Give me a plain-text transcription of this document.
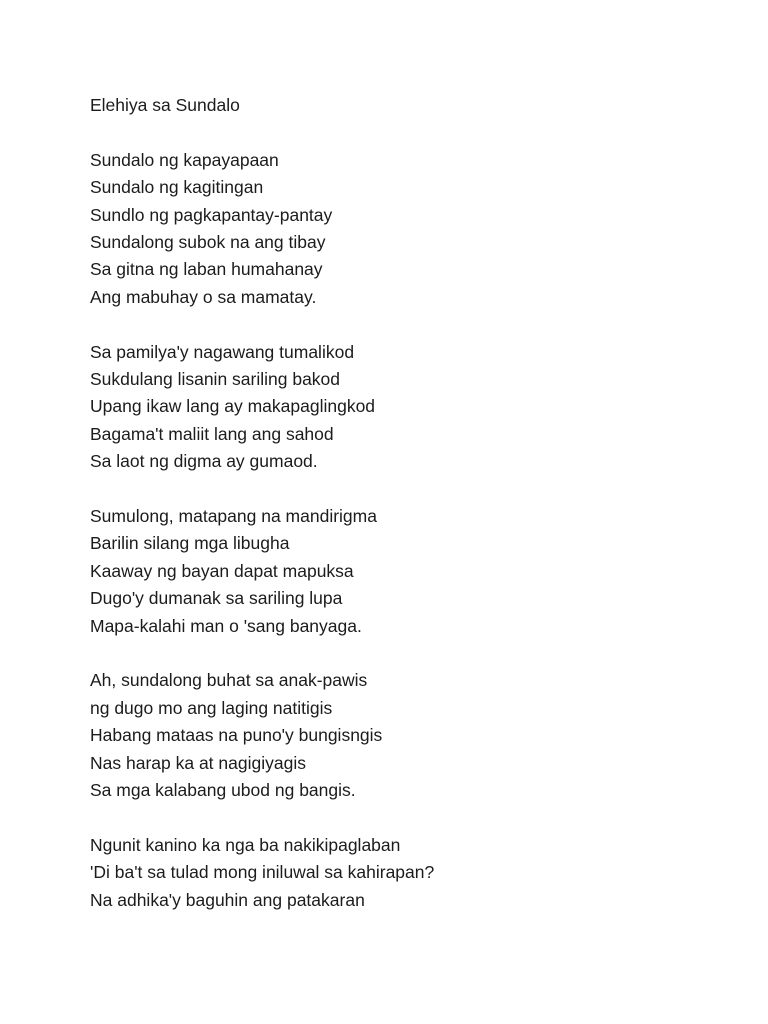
Elehiya sa Sundalo
Sundalo ng kapayapaan
Sundalo ng kagitingan
Sundlo ng pagkapantay-pantay
Sundalong subok na ang tibay
Sa gitna ng laban humahanay
Ang mabuhay o sa mamatay.
Sa pamilya'y nagawang tumalikod
Sukdulang lisanin sariling bakod
Upang ikaw lang ay makapaglingkod
Bagama't maliit lang ang sahod
Sa laot ng digma ay gumaod.
Sumulong, matapang na mandirigma
Barilin silang mga libugha
Kaaway ng bayan dapat mapuksa
Dugo'y dumanak sa sariling lupa
Mapa-kalahi man o 'sang banyaga.
Ah, sundalong buhat sa anak-pawis
ng dugo mo ang laging natitigis
Habang mataas na puno'y bungisngis
Nas harap ka at nagigiyagis
Sa mga kalabang ubod ng bangis.
Ngunit kanino ka nga ba nakikipaglaban
'Di ba't sa tulad mong iniluwal sa kahirapan?
Na adhika'y baguhin ang patakaran
